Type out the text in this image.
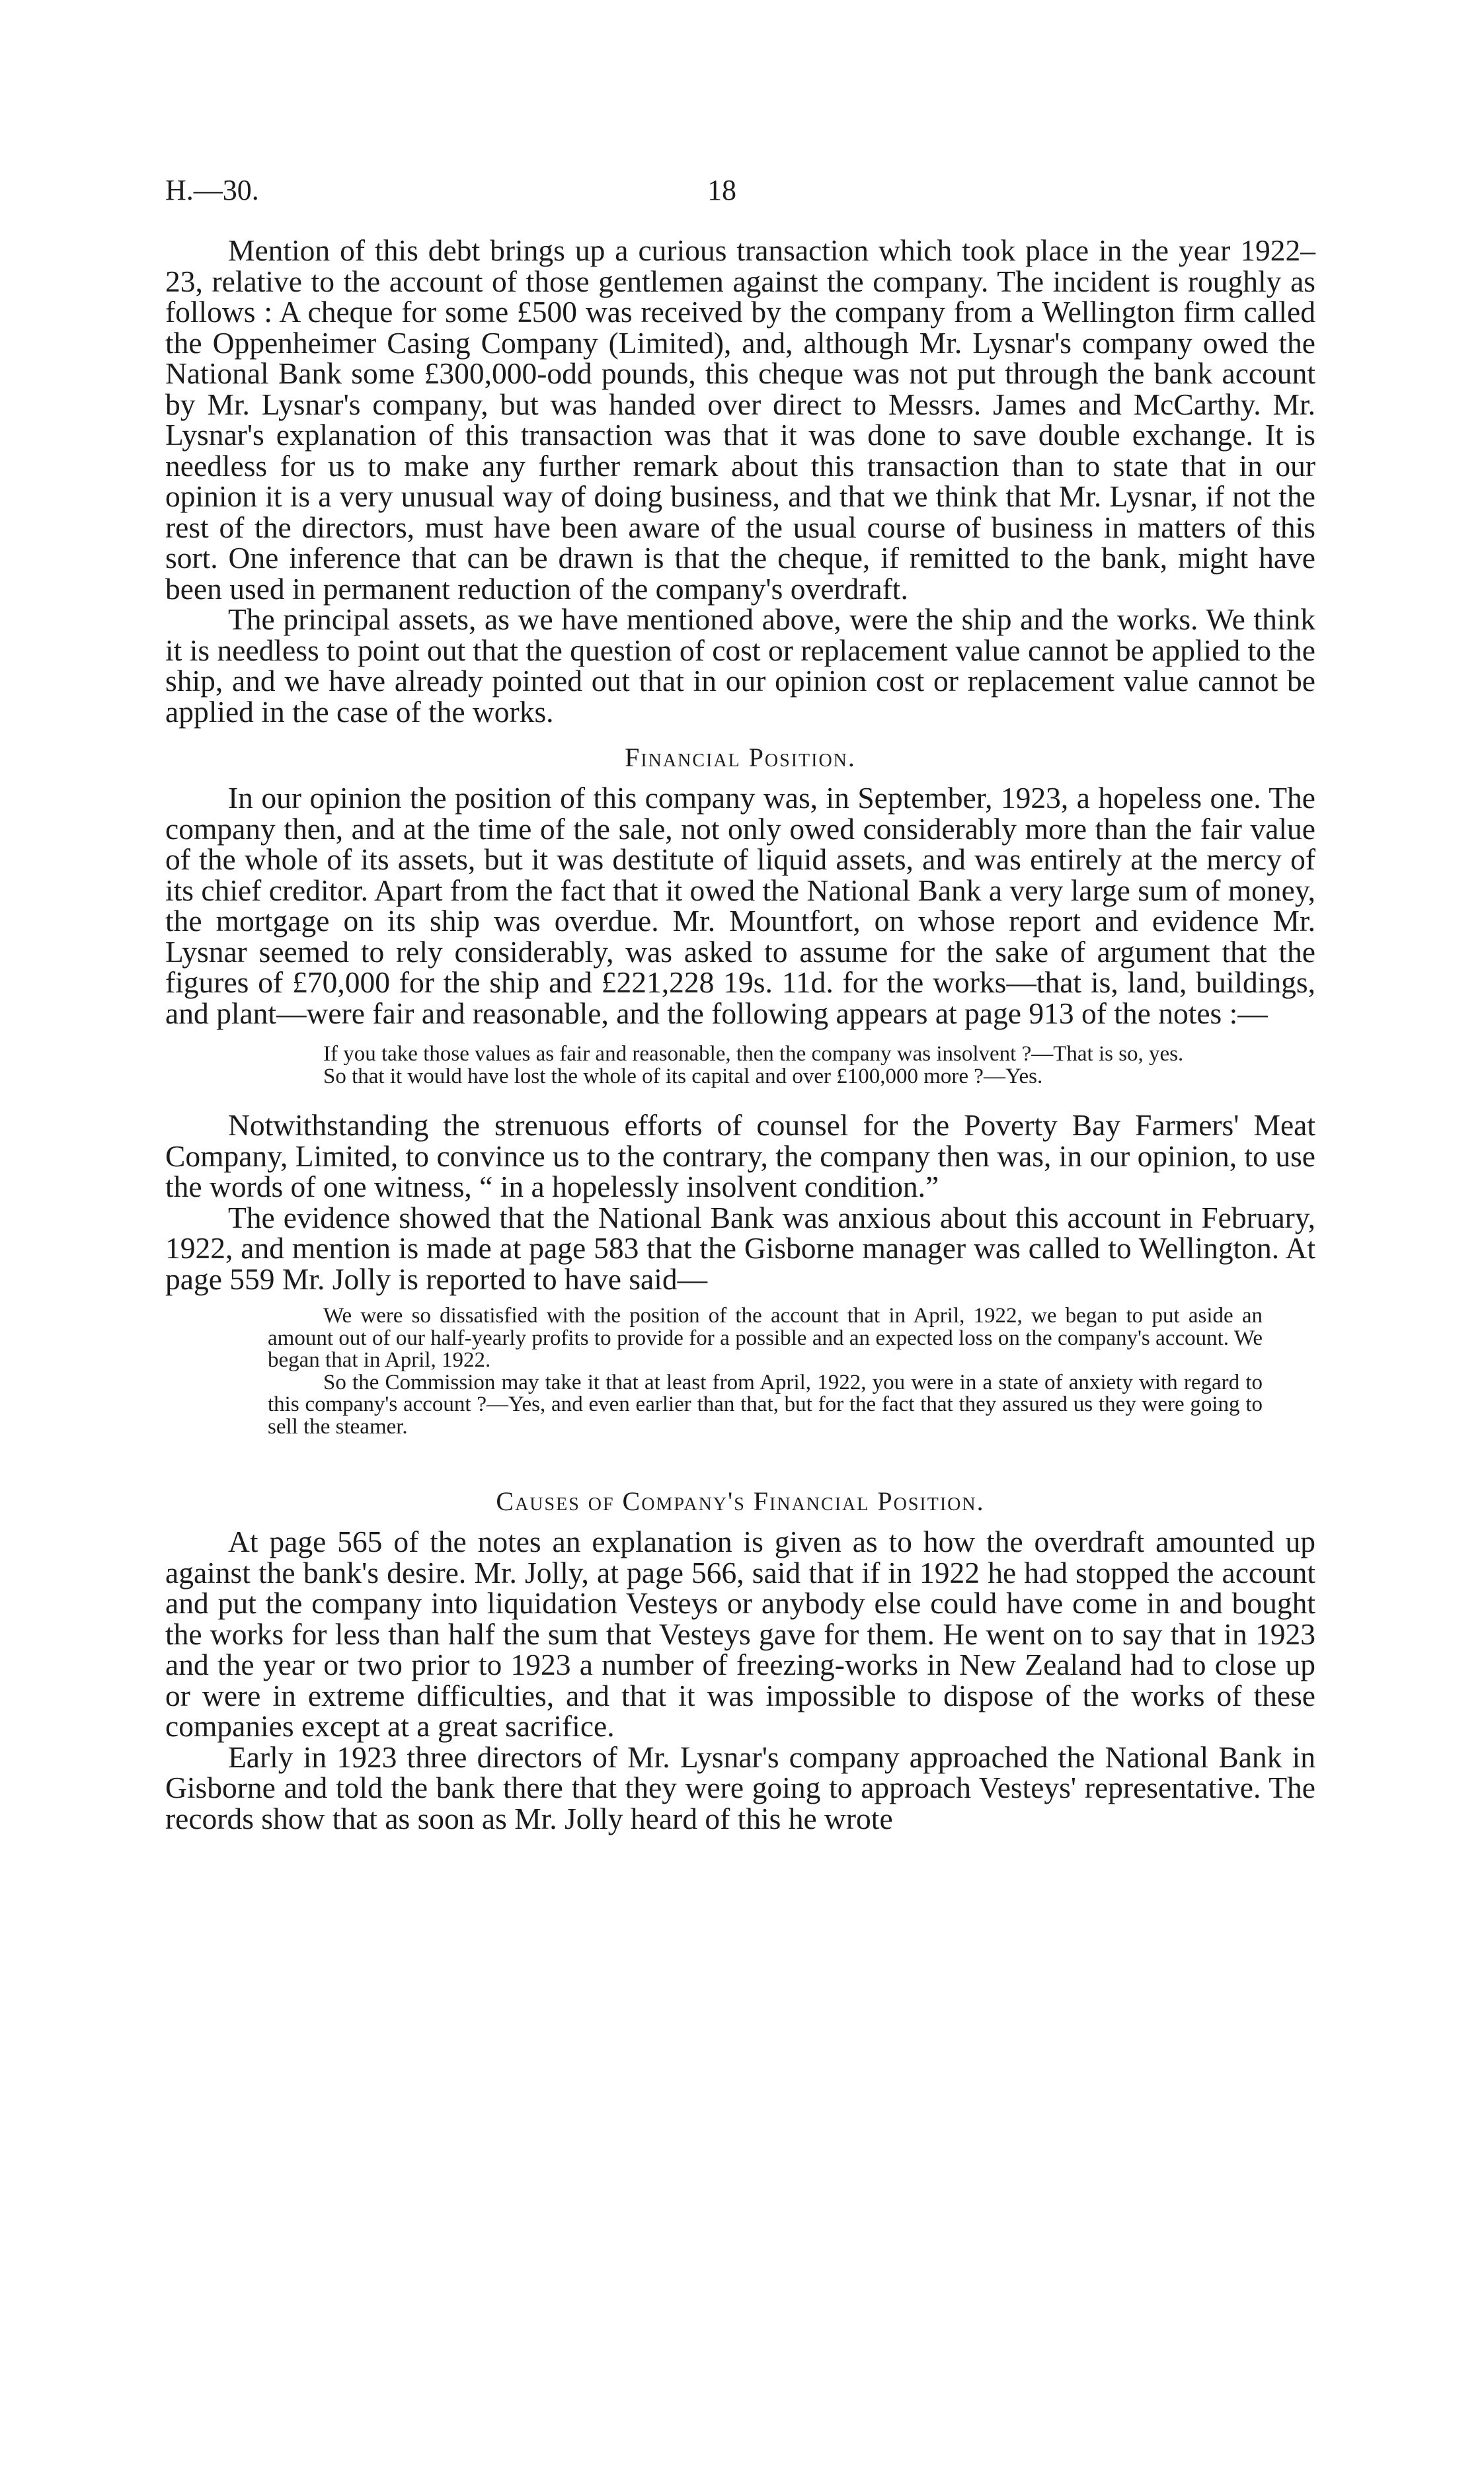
H.—30.	18

Mention of this debt brings up a curious transaction which took place in the year 1922–23, relative to the account of those gentlemen against the company. The incident is roughly as follows : A cheque for some £500 was received by the company from a Wellington firm called the Oppenheimer Casing Company (Limited), and, although Mr. Lysnar's company owed the National Bank some £300,000-odd pounds, this cheque was not put through the bank account by Mr. Lysnar's company, but was handed over direct to Messrs. James and McCarthy. Mr. Lysnar's explanation of this transaction was that it was done to save double exchange. It is needless for us to make any further remark about this transaction than to state that in our opinion it is a very unusual way of doing business, and that we think that Mr. Lysnar, if not the rest of the directors, must have been aware of the usual course of business in matters of this sort. One inference that can be drawn is that the cheque, if remitted to the bank, might have been used in permanent reduction of the company's overdraft.

The principal assets, as we have mentioned above, were the ship and the works. We think it is needless to point out that the question of cost or replacement value cannot be applied to the ship, and we have already pointed out that in our opinion cost or replacement value cannot be applied in the case of the works.

Financial Position.

In our opinion the position of this company was, in September, 1923, a hopeless one. The company then, and at the time of the sale, not only owed considerably more than the fair value of the whole of its assets, but it was destitute of liquid assets, and was entirely at the mercy of its chief creditor. Apart from the fact that it owed the National Bank a very large sum of money, the mortgage on its ship was overdue. Mr. Mountfort, on whose report and evidence Mr. Lysnar seemed to rely considerably, was asked to assume for the sake of argument that the figures of £70,000 for the ship and £221,228 19s. 11d. for the works—that is, land, buildings, and plant—were fair and reasonable, and the following appears at page 913 of the notes :—

If you take those values as fair and reasonable, then the company was insolvent ?—That is so, yes.

So that it would have lost the whole of its capital and over £100,000 more ?—Yes.

Notwithstanding the strenuous efforts of counsel for the Poverty Bay Farmers' Meat Company, Limited, to convince us to the contrary, the company then was, in our opinion, to use the words of one witness, “ in a hopelessly insolvent condition.”

The evidence showed that the National Bank was anxious about this account in February, 1922, and mention is made at page 583 that the Gisborne manager was called to Wellington. At page 559 Mr. Jolly is reported to have said—

We were so dissatisfied with the position of the account that in April, 1922, we began to put aside an amount out of our half-yearly profits to provide for a possible and an expected loss on the company's account. We began that in April, 1922.

So the Commission may take it that at least from April, 1922, you were in a state of anxiety with regard to this company's account ?—Yes, and even earlier than that, but for the fact that they assured us they were going to sell the steamer.

Causes of Company's Financial Position.

At page 565 of the notes an explanation is given as to how the overdraft amounted up against the bank's desire. Mr. Jolly, at page 566, said that if in 1922 he had stopped the account and put the company into liquidation Vesteys or anybody else could have come in and bought the works for less than half the sum that Vesteys gave for them. He went on to say that in 1923 and the year or two prior to 1923 a number of freezing-works in New Zealand had to close up or were in extreme difficulties, and that it was impossible to dispose of the works of these companies except at a great sacrifice.

Early in 1923 three directors of Mr. Lysnar's company approached the National Bank in Gisborne and told the bank there that they were going to approach Vesteys' representative. The records show that as soon as Mr. Jolly heard of this he wrote
